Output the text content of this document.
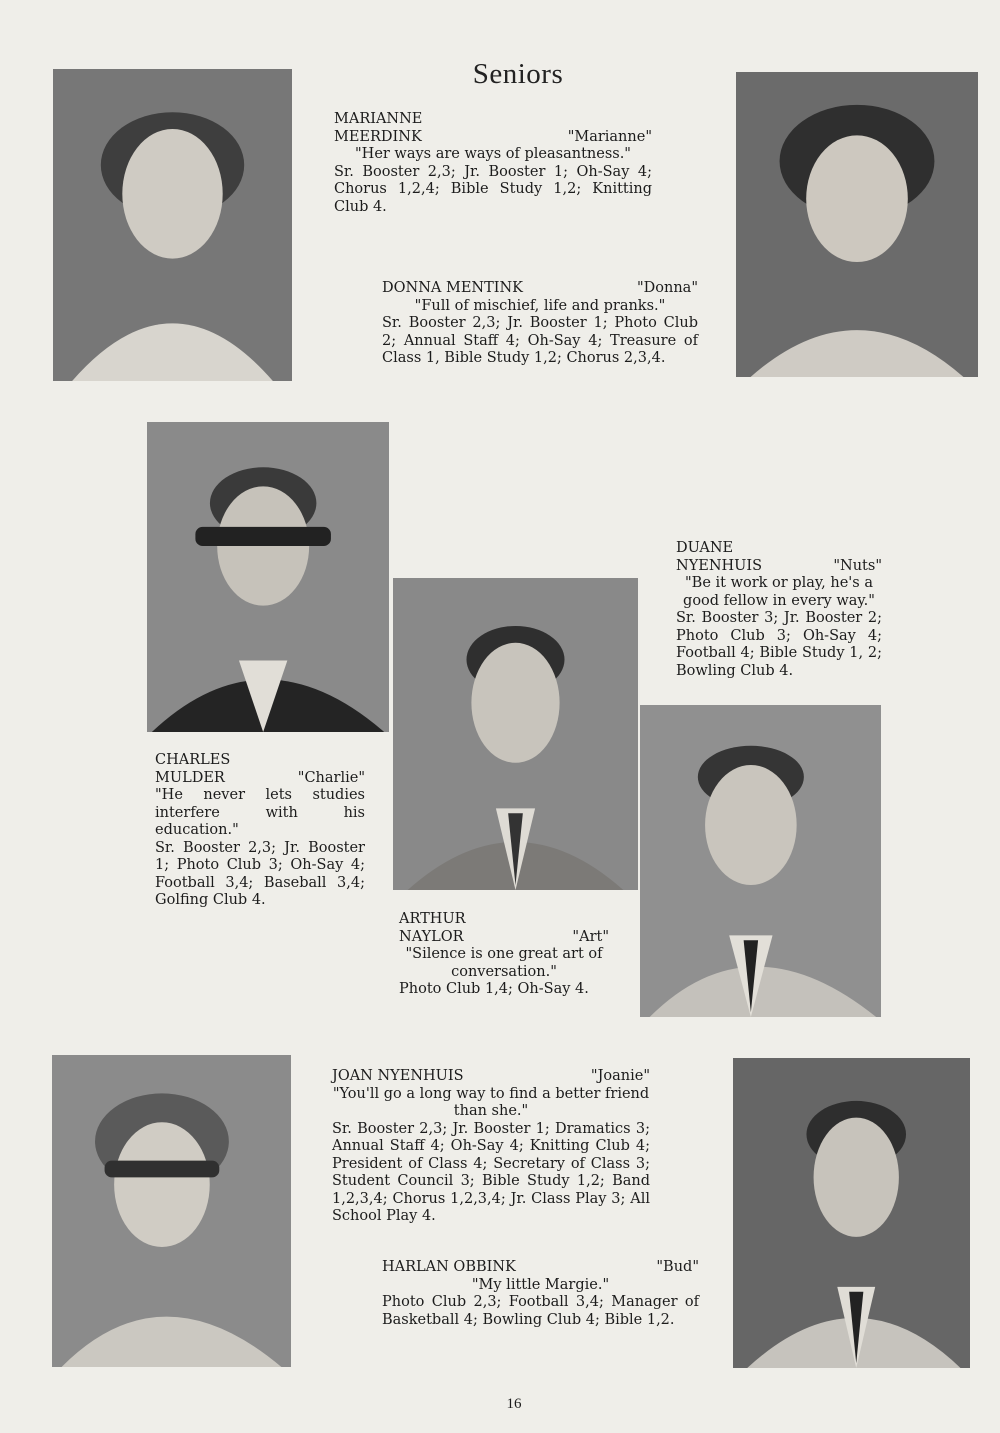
Seniors
MARIANNE
MEERDINK	"Marianne"
"Her ways are ways of pleasantness."
Sr. Booster 2,3; Jr. Booster 1; Oh-Say 4; Chorus 1,2,4; Bible Study 1,2; Knitting Club 4.
DONNA MENTINK	"Donna"
"Full of mischief, life and pranks."
Sr. Booster 2,3; Jr. Booster 1; Photo Club 2; Annual Staff 4; Oh-Say 4; Treasure of Class 1, Bible Study 1,2; Chorus 2,3,4.
DUANE
NYENHUIS	"Nuts"
"Be it work or play, he's a good fellow in every way."
Sr. Booster 3; Jr. Booster 2; Photo Club 3; Oh-Say 4; Football 4; Bible Study 1, 2; Bowling Club 4.
CHARLES
MULDER	"Charlie"
"He never lets studies interfere with his education."
Sr. Booster 2,3; Jr. Booster 1; Photo Club 3; Oh-Say 4; Football 3,4; Baseball 3,4; Golfing Club 4.
ARTHUR
NAYLOR	"Art"
"Silence is one great art of conversation."
Photo Club 1,4; Oh-Say 4.
JOAN NYENHUIS	"Joanie"
"You'll go a long way to find a better friend than she."
Sr. Booster 2,3; Jr. Booster 1; Dramatics 3; Annual Staff 4; Oh-Say 4; Knitting Club 4; President of Class 4; Secretary of Class 3; Student Council 3; Bible Study 1,2; Band 1,2,3,4; Chorus 1,2,3,4; Jr. Class Play 3; All School Play 4.
HARLAN OBBINK	"Bud"
"My little Margie."
Photo Club 2,3; Football 3,4; Manager of Basketball 4; Bowling Club 4; Bible 1,2.
16
